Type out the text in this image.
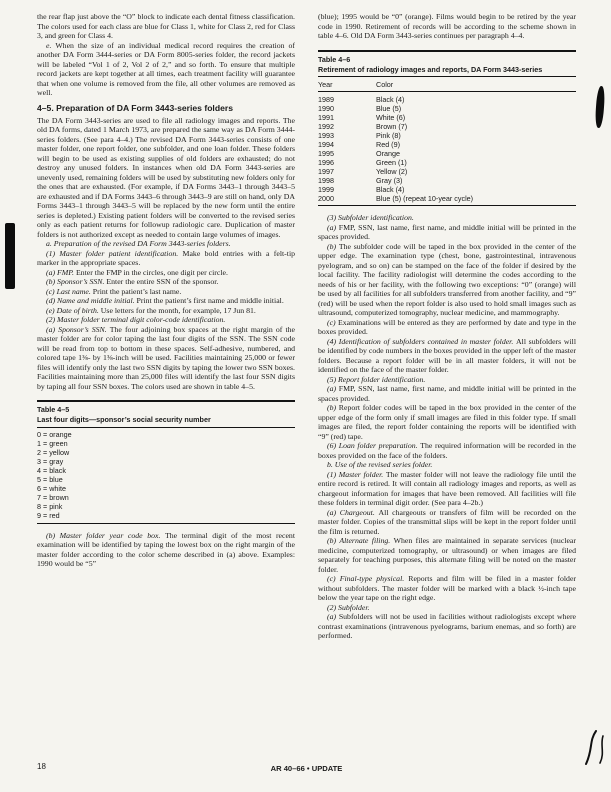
the rear flap just above the “O” block to indicate each dental fitness classification. The colors used for each class are blue for Class 1, white for Class 2, red for Class 3, and green for Class 4.

e. When the size of an individual medical record requires the creation of another DA Form 3444-series or DA Form 8005-series folder, the record jackets will be labeled “Vol 1 of 2, Vol 2 of 2,” and so forth. To ensure that multiple record jackets are kept together at all times, each treatment facility will guarantee that when one volume is removed from the file, all other volumes are removed as well.

4–5. Preparation of DA Form 3443-series folders

The DA Form 3443-series are used to file all radiology images and reports. The old DA forms, dated 1 March 1973, are prepared the same way as DA Form 3444-series folders. (See para 4–4.) The revised DA Form 3443-series consists of one master folder, one report folder, one subfolder, and one loan folder. These folders will begin to be used as existing supplies of old folders are exhausted; do not destroy any unused folders. In instances when old DA Form 3443-series are unevenly used, remaining folders will be used by substituting new folders only for the ones that are exhausted. (For example, if DA Forms 3443–1 through 3443–5 are exhausted and if DA Forms 3443–6 through 3443–9 are still on hand, only DA Forms 3443–1 through 3443–5 will be replaced by the new form until the entire series is depleted.) Existing patient folders will be converted to the revised series only as each patient returns for followup radiologic care. Duplication of master folders is not authorized except as needed to contain large volumes of images.

a. Preparation of the revised DA Form 3443-series folders.

(1) Master folder patient identification. Make bold entries with a felt-tip marker in the appropriate spaces.

(a) FMP. Enter the FMP in the circles, one digit per circle.

(b) Sponsor’s SSN. Enter the entire SSN of the sponsor.

(c) Last name. Print the patient’s last name.

(d) Name and middle initial. Print the patient’s first name and middle initial.

(e) Date of birth. Use letters for the month, for example, 17 Jun 81.

(2) Master folder terminal digit color-code identification.

(a) Sponsor’s SSN. The four adjoining box spaces at the right margin of the master folder are for color taping the last four digits of the SSN. The SSN code will be read from top to bottom in these spaces. Self-adhesive, numbered, and colored tape 1⅜- by 1⅜-inch will be used. Facilities maintaining 25,000 or fewer files will identify only the last two SSN digits by taping the lower two SSN boxes. Facilities maintaining more than 25,000 files will identify the last four SSN digits by taping all four SSN boxes. The colors used are shown in table 4–5.

Table 4–5
Last four digits—sponsor’s social security number
0 = orange
1 = green
2 = yellow
3 = gray
4 = black
5 = blue
6 = white
7 = brown
8 = pink
9 = red

(b) Master folder year code box. The terminal digit of the most recent examination will be identified by taping the lowest box on the right margin of the master folder according to the color scheme described in (a) above. Examples: 1990 would be “5”

(blue); 1995 would be “0” (orange). Films would begin to be retired by the year code in 1990. Retirement of records will be according to the scheme shown in table 4–6. Old DA Form 3443-series continues per paragraph 4–4.

Table 4–6
Retirement of radiology images and reports, DA Form 3443-series
Year	Color
1989	Black (4)
1990	Blue (5)
1991	White (6)
1992	Brown (7)
1993	Pink (8)
1994	Red (9)
1995	Orange
1996	Green (1)
1997	Yellow (2)
1998	Gray (3)
1999	Black (4)
2000	Blue (5) (repeat 10-year cycle)

(3) Subfolder identification.

(a) FMP, SSN, last name, first name, and middle initial will be printed in the spaces provided.

(b) The subfolder code will be taped in the box provided in the center of the upper edge. The examination type (chest, bone, gastrointestinal, intravenous pyelogram, and so on) can be stamped on the face of the folder if desired by the local facility. The facility radiologist will determine the codes according to the needs of his or her facility, with the following two exceptions: “0” (orange) will be used by all facilities for all subfolders transferred from another facility, and “9” (red) will be used when the report folder is also used to hold small images such as ultrasound, computerized tomography, nuclear medicine, and mammography.

(c) Examinations will be entered as they are performed by date and type in the boxes provided.

(4) Identification of subfolders contained in master folder. All subfolders will be identified by code numbers in the boxes provided in the upper left of the master folders. Because a report folder will be in all master folders, it will not be identified on the face of the master folder.

(5) Report folder identification.

(a) FMP, SSN, last name, first name, and middle initial will be printed in the spaces provided.

(b) Report folder codes will be taped in the box provided in the center of the upper edge of the form only if small images are filed in this folder type. If small images are filed, the report folder containing the reports will be identified with “9” (red) tape.

(6) Loan folder preparation. The required information will be recorded in the boxes provided on the face of the folders.

b. Use of the revised series folder.

(1) Master folder. The master folder will not leave the radiology file until the entire record is retired. It will contain all radiology images and reports, as well as chargeout information for images that have been removed. All facilities will file these folders in terminal digit order. (See para 4–2b.)

(a) Chargeout. All chargeouts or transfers of film will be recorded on the master folder. Copies of the transmittal slips will be kept in the report folder until the film is returned.

(b) Alternate filing. When files are maintained in separate services (nuclear medicine, computerized tomography, or ultrasound) or when images are filed separately for teaching purposes, this alternate filing will be noted on the master folder.

(c) Final-type physical. Reports and film will be filed in a master folder without subfolders. The master folder will be marked with a black ½-inch tape below the year tape on the right edge.

(2) Subfolder.

(a) Subfolders will not be used in facilities without radiologists except where contrast examinations (intravenous pyelograms, barium enemas, and so forth) are performed.

18	AR 40–66 • UPDATE
